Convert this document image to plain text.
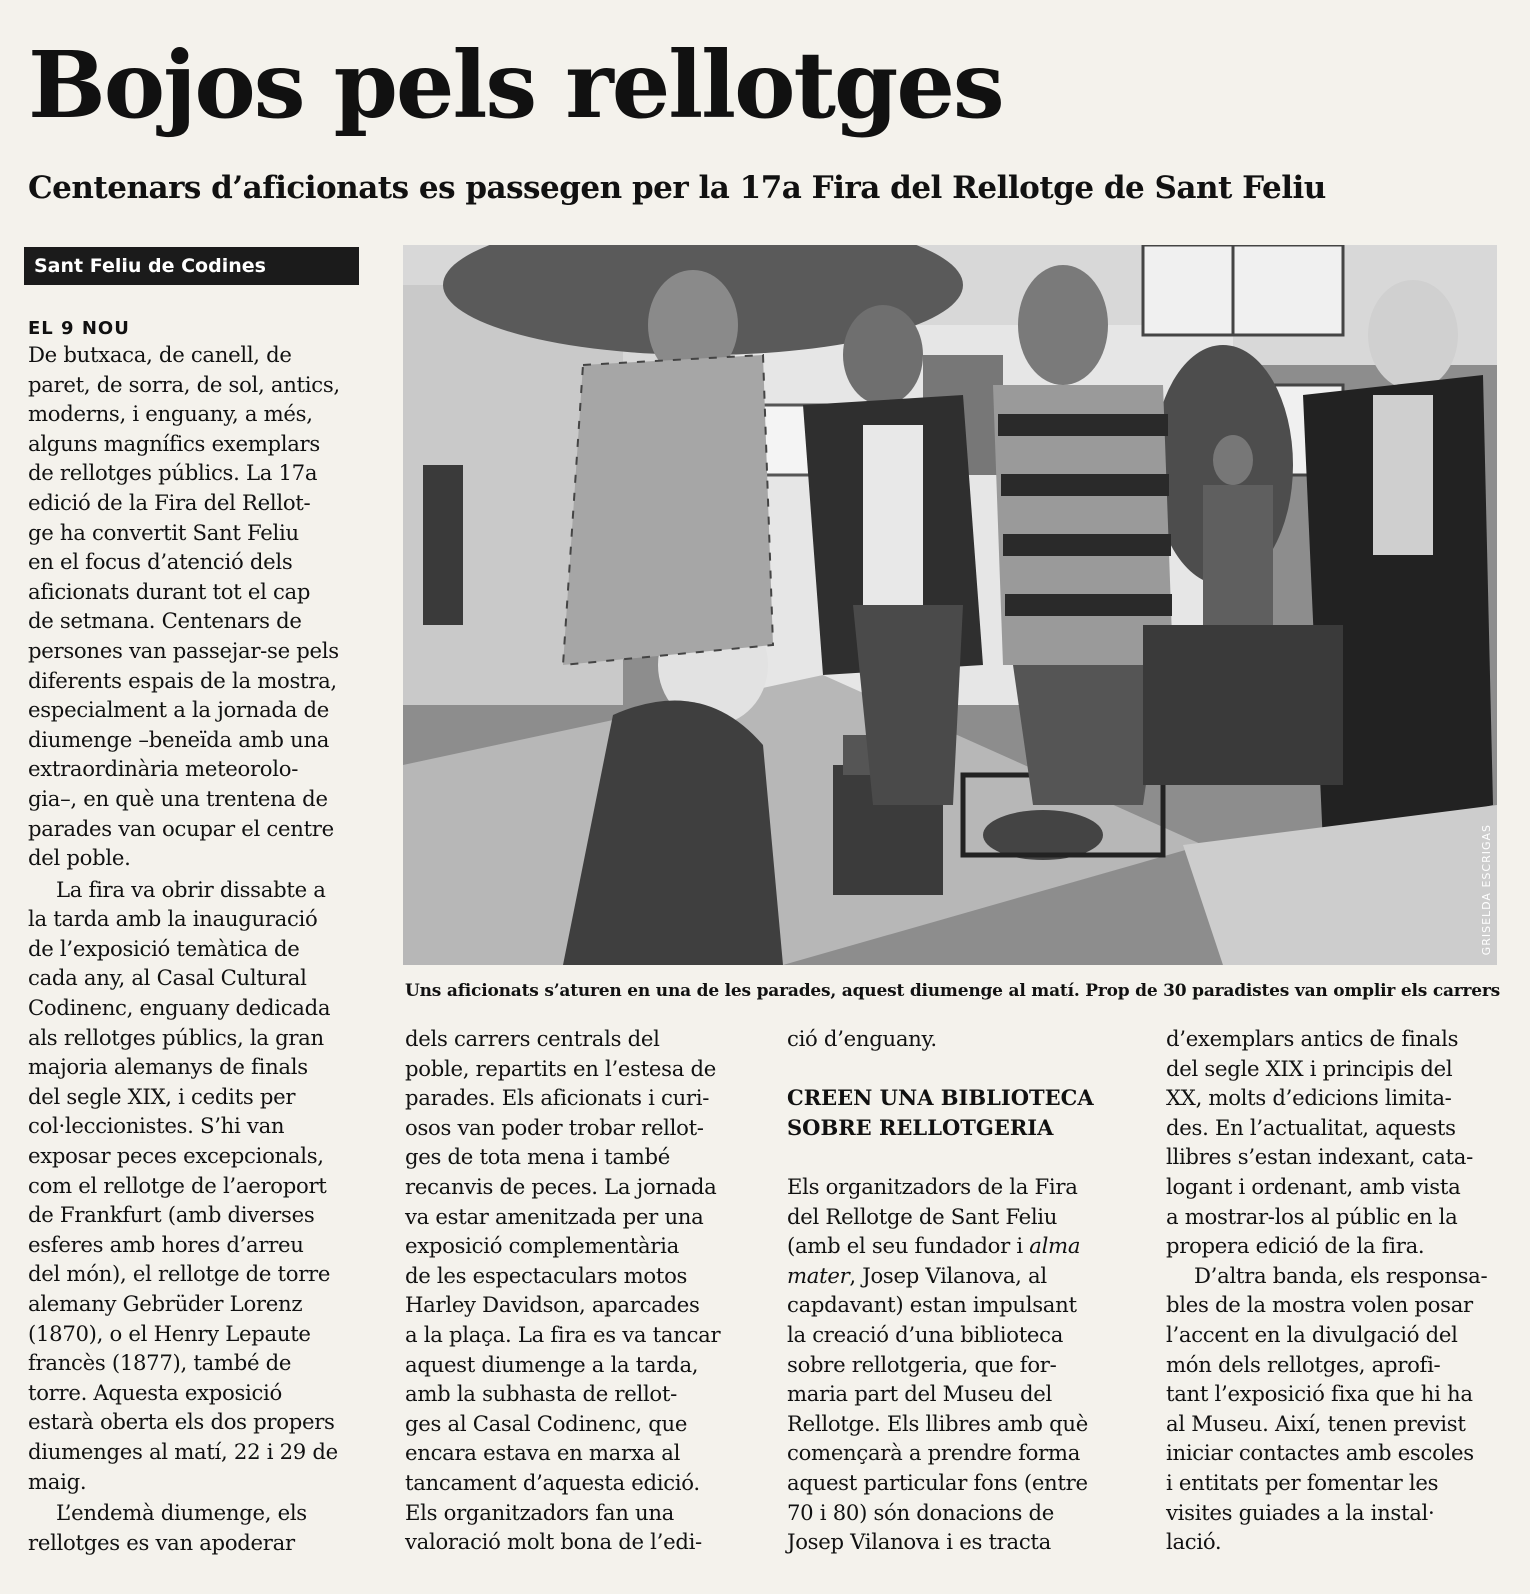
Bojos pels rellotges
Centenars d’aficionats es passegen per la 17a Fira del Rellotge de Sant Feliu
Sant Feliu de Codines
EL 9 NOU
GRISELDA ESCRIGAS

Uns aficionats s’aturen en una de les parades, aquest diumenge al matí. Prop de 30 paradistes van omplir els carrers

De butxaca, de canell, de
paret, de sorra, de sol, antics,
moderns, i enguany, a més,
alguns magnífics exemplars
de rellotges públics. La 17a
edició de la Fira del Rellot-
ge ha convertit Sant Feliu
en el focus d’atenció dels
aficionats durant tot el cap
de setmana. Centenars de
persones van passejar-se pels
diferents espais de la mostra,
especialment a la jornada de
diumenge –beneïda amb una
extraordinària meteorolo-
gia–, en què una trentena de
parades van ocupar el centre
del poble.
La fira va obrir dissabte a
la tarda amb la inauguració
de l’exposició temàtica de
cada any, al Casal Cultural
Codinenc, enguany dedicada
als rellotges públics, la gran
majoria alemanys de finals
del segle XIX, i cedits per
col·leccionistes. S’hi van
exposar peces excepcionals,
com el rellotge de l’aeroport
de Frankfurt (amb diverses
esferes amb hores d’arreu
del món), el rellotge de torre
alemany Gebrüder Lorenz
(1870), o el Henry Lepaute
francès (1877), també de
torre. Aquesta exposició
estarà oberta els dos propers
diumenges al matí, 22 i 29 de
maig.
L’endemà diumenge, els
rellotges es van apoderar
dels carrers centrals del
poble, repartits en l’estesa de
parades. Els aficionats i curi-
osos van poder trobar rellot-
ges de tota mena i també
recanvis de peces. La jornada
va estar amenitzada per una
exposició complementària
de les espectaculars motos
Harley Davidson, aparcades
a la plaça. La fira es va tancar
aquest diumenge a la tarda,
amb la subhasta de rellot-
ges al Casal Codinenc, que
encara estava en marxa al
tancament d’aquesta edició.
Els organitzadors fan una
valoració molt bona de l’edi-
ció d’enguany.
CREEN UNA BIBLIOTECA
SOBRE RELLOTGERIA
Els organitzadors de la Fira
del Rellotge de Sant Feliu
(amb el seu fundador i alma
mater, Josep Vilanova, al
capdavant) estan impulsant
la creació d’una biblioteca
sobre rellotgeria, que for-
maria part del Museu del
Rellotge. Els llibres amb què
començarà a prendre forma
aquest particular fons (entre
70 i 80) són donacions de
Josep Vilanova i es tracta
d’exemplars antics de finals
del segle XIX i principis del
XX, molts d’edicions limita-
des. En l’actualitat, aquests
llibres s’estan indexant, cata-
logant i ordenant, amb vista
a mostrar-los al públic en la
propera edició de la fira.
D’altra banda, els responsa-
bles de la mostra volen posar
l’accent en la divulgació del
món dels rellotges, aprofi-
tant l’exposició fixa que hi ha
al Museu. Així, tenen previst
iniciar contactes amb escoles
i entitats per fomentar les
visites guiades a la instal·
lació.
